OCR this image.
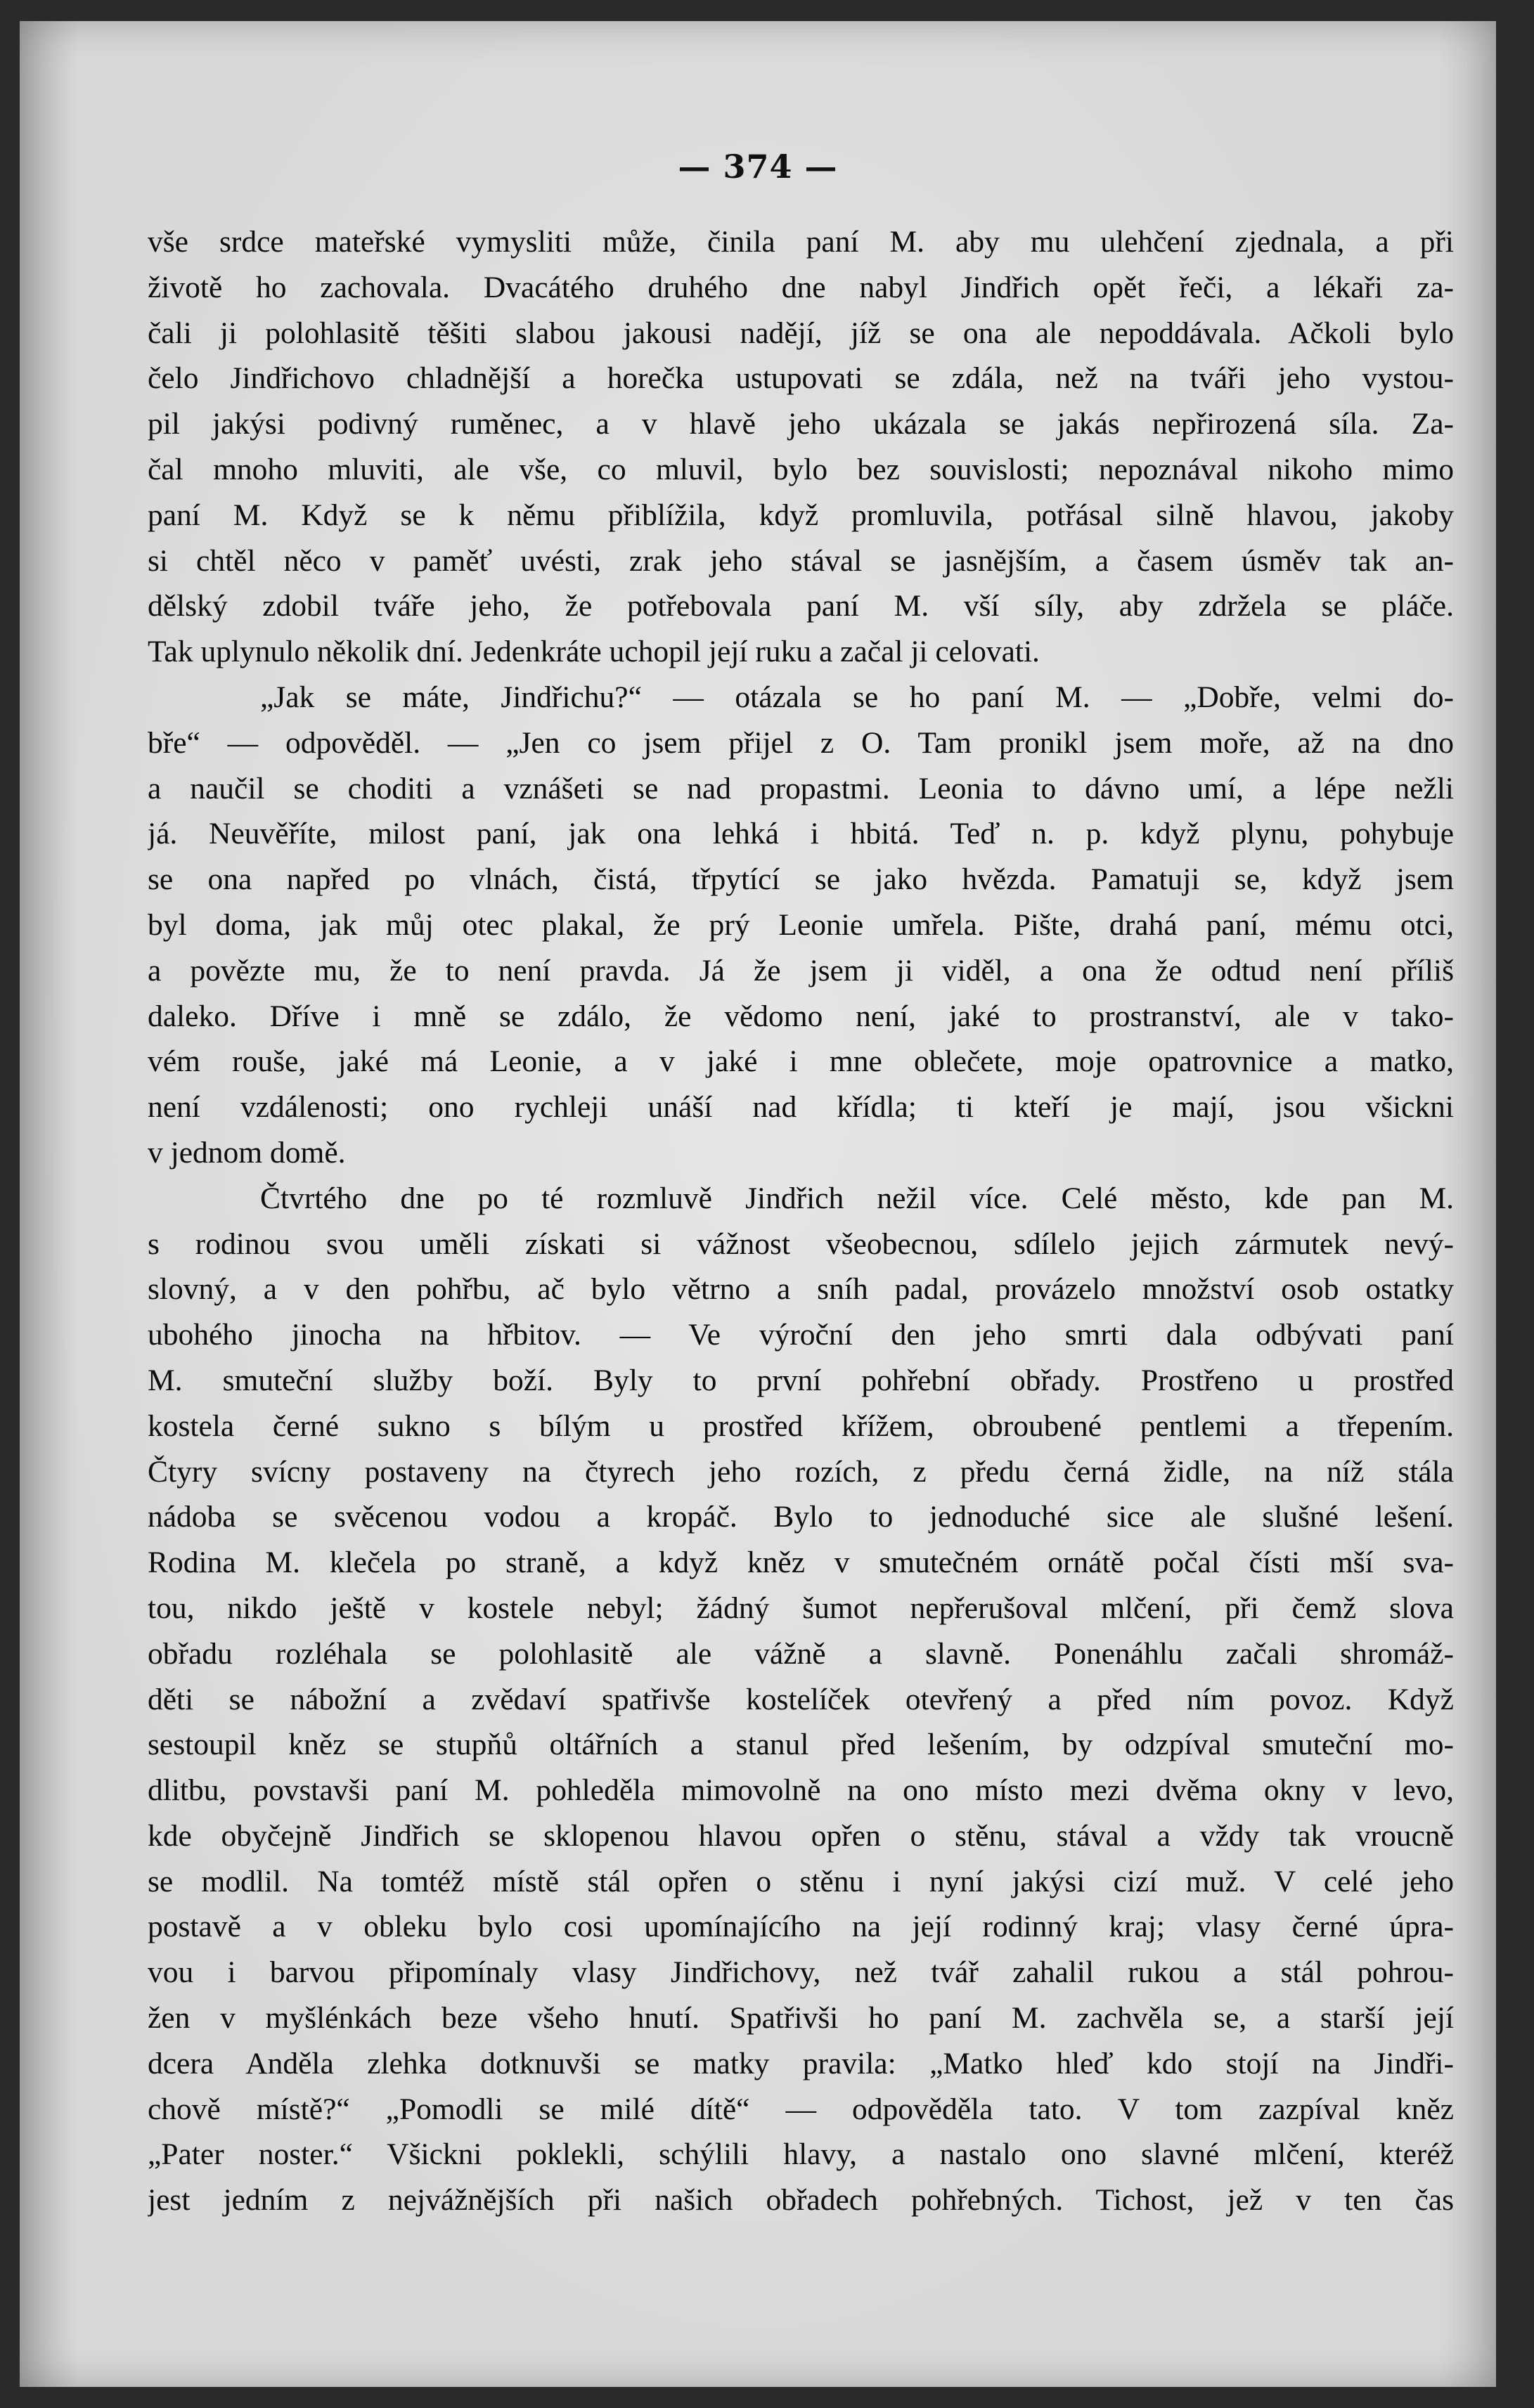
— 374 —
vše srdce mateřské vymysliti může, činila paní M. aby mu ulehčení zjednala, a při
životě ho zachovala. Dvacátého druhého dne nabyl Jindřich opět řeči, a lékaři za-
čali ji polohlasitě těšiti slabou jakousi nadějí, jíž se ona ale nepoddávala. Ačkoli bylo
čelo Jindřichovo chladnější a horečka ustupovati se zdála, než na tváři jeho vystou-
pil jakýsi podivný ruměnec, a v hlavě jeho ukázala se jakás nepřirozená síla. Za-
čal mnoho mluviti, ale vše, co mluvil, bylo bez souvislosti; nepoznával nikoho mimo
paní M. Když se k němu přiblížila, když promluvila, potřásal silně hlavou, jakoby
si chtěl něco v paměť uvésti, zrak jeho stával se jasnějším, a časem úsměv tak an-
dělský zdobil tváře jeho, že potřebovala paní M. vší síly, aby zdržela se pláče.
Tak uplynulo několik dní. Jedenkráte uchopil její ruku a začal ji celovati.
„Jak se máte, Jindřichu?“ — otázala se ho paní M. — „Dobře, velmi do-
bře“ — odpověděl. — „Jen co jsem přijel z O. Tam pronikl jsem moře, až na dno
a naučil se choditi a vznášeti se nad propastmi. Leonia to dávno umí, a lépe nežli
já. Neuvěříte, milost paní, jak ona lehká i hbitá. Teď n. p. když plynu, pohybuje
se ona napřed po vlnách, čistá, třpytící se jako hvězda. Pamatuji se, když jsem
byl doma, jak můj otec plakal, že prý Leonie umřela. Pište, drahá paní, mému otci,
a povězte mu, že to není pravda. Já že jsem ji viděl, a ona že odtud není příliš
daleko. Dříve i mně se zdálo, že vědomo není, jaké to prostranství, ale v tako-
vém rouše, jaké má Leonie, a v jaké i mne oblečete, moje opatrovnice a matko,
není vzdálenosti; ono rychleji unáší nad křídla; ti kteří je mají, jsou všickni
v jednom domě.
Čtvrtého dne po té rozmluvě Jindřich nežil více. Celé město, kde pan M.
s rodinou svou uměli získati si vážnost všeobecnou, sdílelo jejich zármutek nevý-
slovný, a v den pohřbu, ač bylo větrno a sníh padal, provázelo množství osob ostatky
ubohého jinocha na hřbitov. — Ve výroční den jeho smrti dala odbývati paní
M. smuteční služby boží. Byly to první pohřební obřady. Prostřeno u prostřed
kostela černé sukno s bílým u prostřed křížem, obroubené pentlemi a třepením.
Čtyry svícny postaveny na čtyrech jeho rozích, z předu černá židle, na níž stála
nádoba se svěcenou vodou a kropáč. Bylo to jednoduché sice ale slušné lešení.
Rodina M. klečela po straně, a když kněz v smutečném ornátě počal čísti mší sva-
tou, nikdo ještě v kostele nebyl; žádný šumot nepřerušoval mlčení, při čemž slova
obřadu rozléhala se polohlasitě ale vážně a slavně. Ponenáhlu začali shromáž-
děti se nábožní a zvědaví spatřivše kostelíček otevřený a před ním povoz. Když
sestoupil kněz se stupňů oltářních a stanul před lešením, by odzpíval smuteční mo-
dlitbu, povstavši paní M. pohleděla mimovolně na ono místo mezi dvěma okny v levo,
kde obyčejně Jindřich se sklopenou hlavou opřen o stěnu, stával a vždy tak vroucně
se modlil. Na tomtéž místě stál opřen o stěnu i nyní jakýsi cizí muž. V celé jeho
postavě a v obleku bylo cosi upomínajícího na její rodinný kraj; vlasy černé úpra-
vou i barvou připomínaly vlasy Jindřichovy, než tvář zahalil rukou a stál pohrou-
žen v myšlénkách beze všeho hnutí. Spatřivši ho paní M. zachvěla se, a starší její
dcera Anděla zlehka dotknuvši se matky pravila: „Matko hleď kdo stojí na Jindři-
chově místě?“ „Pomodli se milé dítě“ — odpověděla tato. V tom zazpíval kněz
„Pater noster.“ Všickni poklekli, schýlili hlavy, a nastalo ono slavné mlčení, kteréž
jest jedním z nejvážnějších při našich obřadech pohřebných. Tichost, jež v ten čas
